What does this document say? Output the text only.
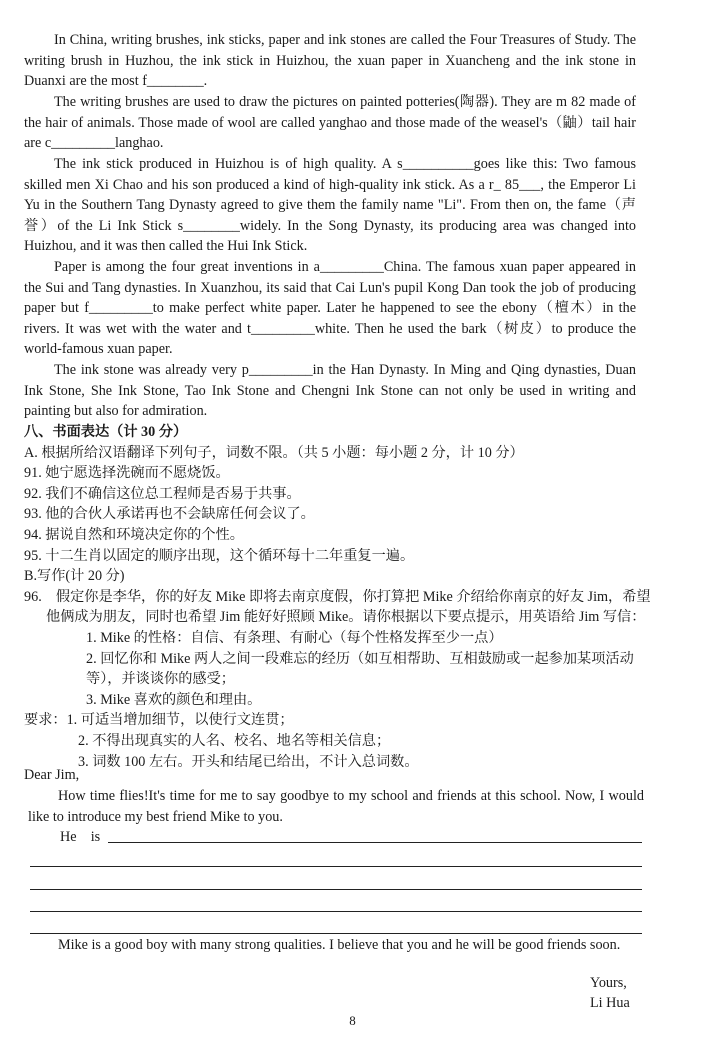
In China, writing brushes, ink sticks, paper and ink stones are called the Four Treasures of Study. The writing brush in Huzhou, the ink stick in Huizhou, the xuan paper in Xuancheng and the ink stone in Duanxi are the most f________.
The writing brushes are used to draw the pictures on painted potteries(陶器). They are m 82 made of the hair of animals. Those made of wool are called yanghao and those made of the weasel's（鼬）tail hair are c_________langhao.
The ink stick produced in Huizhou is of high quality. A s__________goes like this: Two famous skilled men Xi Chao and his son produced a kind of high-quality ink stick. As a r_ 85___, the Emperor Li Yu in the Southern Tang Dynasty agreed to give them the family name "Li". From then on, the fame（声誉）of the Li Ink Stick s________widely. In the Song Dynasty, its producing area was changed into Huizhou, and it was then called the Hui Ink Stick.
Paper is among the four great inventions in a_________China. The famous xuan paper appeared in the Sui and Tang dynasties. In Xuanzhou, its said that Cai Lun's pupil Kong Dan took the job of producing paper but f_________to make perfect white paper. Later he happened to see the ebony（檀木）in the rivers. It was wet with the water and t_________white. Then he used the bark（树皮）to produce the world-famous xuan paper.
The ink stone was already very p_________in the Han Dynasty. In Ming and Qing dynasties, Duan Ink Stone, She Ink Stone, Tao Ink Stone and Chengni Ink Stone can not only be used in writing and painting but also for admiration.
八、书面表达（计 30 分）
A. 根据所给汉语翻译下列句子，词数不限。（共 5 小题：每小题 2 分，计 10 分）
91. 她宁愿选择洗碗而不愿烧饭。
92. 我们不确信这位总工程师是否易于共事。
93. 他的合伙人承诺再也不会缺席任何会议了。
94. 据说自然和环境决定你的个性。
95. 十二生肖以固定的顺序出现，这个循环每十二年重复一遍。
B.写作(计 20 分)
96.　假定你是李华，你的好友 Mike 即将去南京度假，你打算把 Mike 介绍给你南京的好友 Jim，希望他俩成为朋友，同时也希望 Jim 能好好照顾 Mike。请你根据以下要点提示，用英语给 Jim 写信：
1. Mike 的性格：自信、有条理、有耐心（每个性格发挥至少一点）
2. 回忆你和 Mike 两人之间一段难忘的经历（如互相帮助、互相鼓励或一起参加某项活动等），并谈谈你的感受；
3. Mike 喜欢的颜色和理由。
要求：1. 可适当增加细节，以使行文连贯；
2. 不得出现真实的人名、校名、地名等相关信息；
3. 词数 100 左右。开头和结尾已给出，不计入总词数。
Dear Jim,
How time flies!It's time for me to say goodbye to my school and friends at this school. Now, I would like to introduce my best friend Mike to you.
He　is
Mike is a good boy with many strong qualities. I believe that you and he will be good friends soon.
Yours,
Li Hua
8
